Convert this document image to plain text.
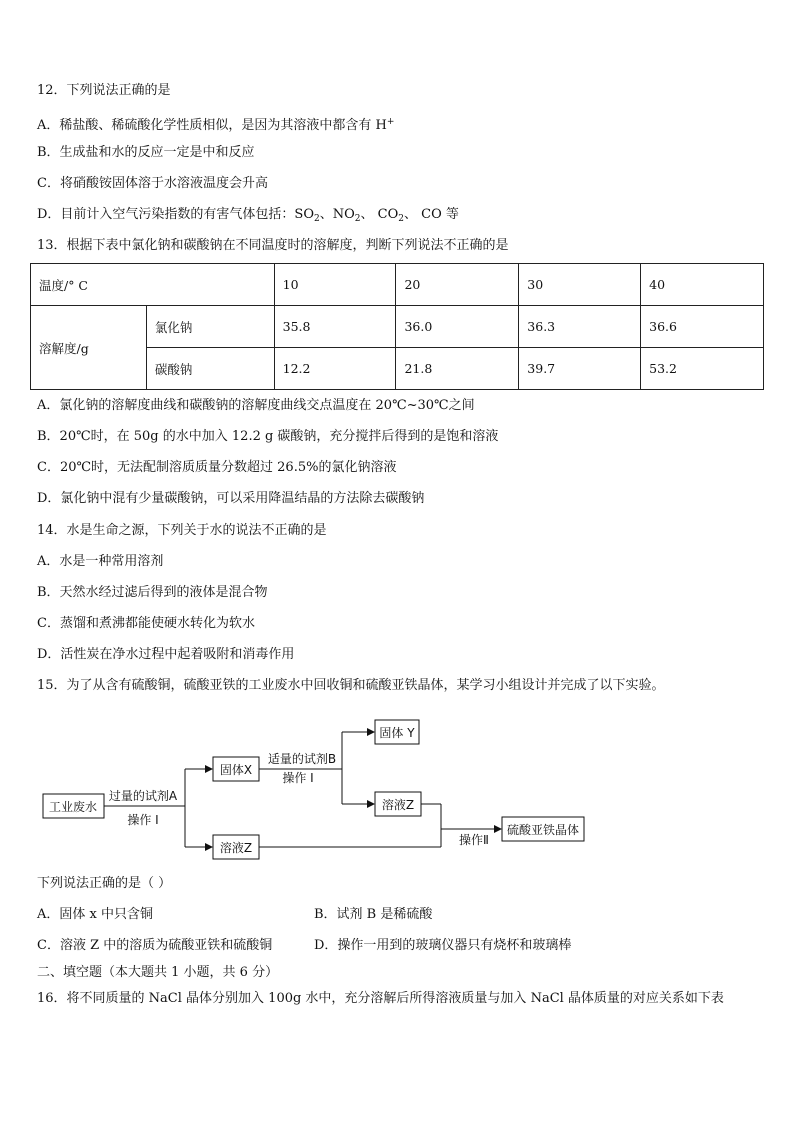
12．下列说法正确的是
A．稀盐酸、稀硫酸化学性质相似，是因为其溶液中都含有 H+
B．生成盐和水的反应一定是中和反应
C．将硝酸铵固体溶于水溶液温度会升高
D．目前计入空气污染指数的有害气体包括：$SO_2$、$NO_2$、 $CO_2$、 CO 等
13．根据下表中氯化钠和碳酸钠在不同温度时的溶解度，判断下列说法不正确的是
温度/° C		10	20	30	40
溶解度/g	氯化钠	35.8	36.0	36.3	36.6
	碳酸钠	12.2	21.8	39.7	53.2
A．氯化钠的溶解度曲线和碳酸钠的溶解度曲线交点温度在 20℃~30℃之间
B．20℃时，在 50g 的水中加入 12.2 g 碳酸钠，充分搅拌后得到的是饱和溶液
C．20℃时，无法配制溶质质量分数超过 26.5%的氯化钠溶液
D．氯化钠中混有少量碳酸钠，可以采用降温结晶的方法除去碳酸钠
14．水是生命之源，下列关于水的说法不正确的是
A．水是一种常用溶剂
B．天然水经过滤后得到的液体是混合物
C．蒸馏和煮沸都能使硬水转化为软水
D．活性炭在净水过程中起着吸附和消毒作用
15．为了从含有硫酸铜，硫酸亚铁的工业废水中回收铜和硫酸亚铁晶体，某学习小组设计并完成了以下实验。
工业废水
固体X
溶液Z
固体 Y
溶液Z
硫酸亚铁晶体
过量的试剂A
操作 I
适量的试剂B
操作 I
操作Ⅱ
下列说法正确的是（ ）
A．固体 x 中只含铜	B．试剂 B 是稀硫酸
C．溶液 Z 中的溶质为硫酸亚铁和硫酸铜	D．操作一用到的玻璃仪器只有烧杯和玻璃棒
二、填空题（本大题共 1 小题，共 6 分）
16．将不同质量的 NaCl 晶体分别加入 100g 水中，充分溶解后所得溶液质量与加入 NaCl 晶体质量的对应关系如下表
